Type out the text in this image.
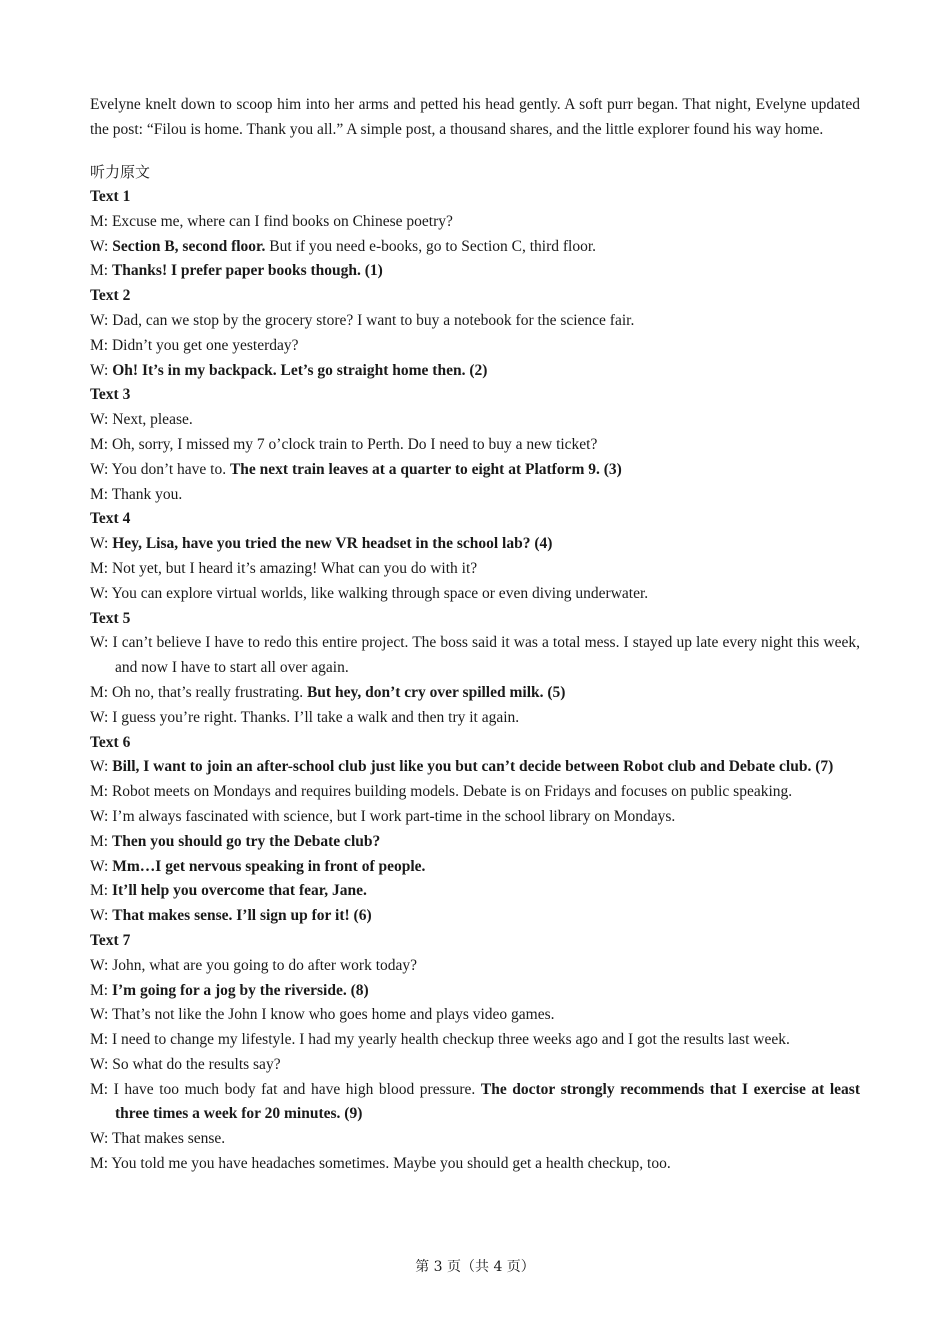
Evelyne knelt down to scoop him into her arms and petted his head gently. A soft purr began. That night, Evelyne updated the post: “Filou is home. Thank you all.” A simple post, a thousand shares, and the little explorer found his way home.

听力原文
Text 1

M: Excuse me, where can I find books on Chinese poetry?

W: Section B, second floor. But if you need e-books, go to Section C, third floor.

M: Thanks! I prefer paper books though. (1)

Text 2

W: Dad, can we stop by the grocery store? I want to buy a notebook for the science fair.

M: Didn’t you get one yesterday?

W: Oh! It’s in my backpack. Let’s go straight home then. (2)

Text 3

W: Next, please.

M: Oh, sorry, I missed my 7 o’clock train to Perth. Do I need to buy a new ticket?

W: You don’t have to. The next train leaves at a quarter to eight at Platform 9. (3)

M: Thank you.

Text 4

W: Hey, Lisa, have you tried the new VR headset in the school lab? (4)

M: Not yet, but I heard it’s amazing! What can you do with it?

W: You can explore virtual worlds, like walking through space or even diving underwater.

Text 5

W: I can’t believe I have to redo this entire project. The boss said it was a total mess. I stayed up late every night this week, and now I have to start all over again.

M: Oh no, that’s really frustrating. But hey, don’t cry over spilled milk. (5)

W: I guess you’re right. Thanks. I’ll take a walk and then try it again.

Text 6

W: Bill, I want to join an after-school club just like you but can’t decide between Robot club and Debate club. (7)

M: Robot meets on Mondays and requires building models. Debate is on Fridays and focuses on public speaking.

W: I’m always fascinated with science, but I work part-time in the school library on Mondays.

M: Then you should go try the Debate club?

W: Mm…I get nervous speaking in front of people.

M: It’ll help you overcome that fear, Jane.

W: That makes sense. I’ll sign up for it! (6)

Text 7

W: John, what are you going to do after work today?

M: I’m going for a jog by the riverside. (8)

W: That’s not like the John I know who goes home and plays video games.

M: I need to change my lifestyle. I had my yearly health checkup three weeks ago and I got the results last week.

W: So what do the results say?

M: I have too much body fat and have high blood pressure. The doctor strongly recommends that I exercise at least three times a week for 20 minutes. (9)

W: That makes sense.

M: You told me you have headaches sometimes. Maybe you should get a health checkup, too.

第 3 页（共 4 页）
